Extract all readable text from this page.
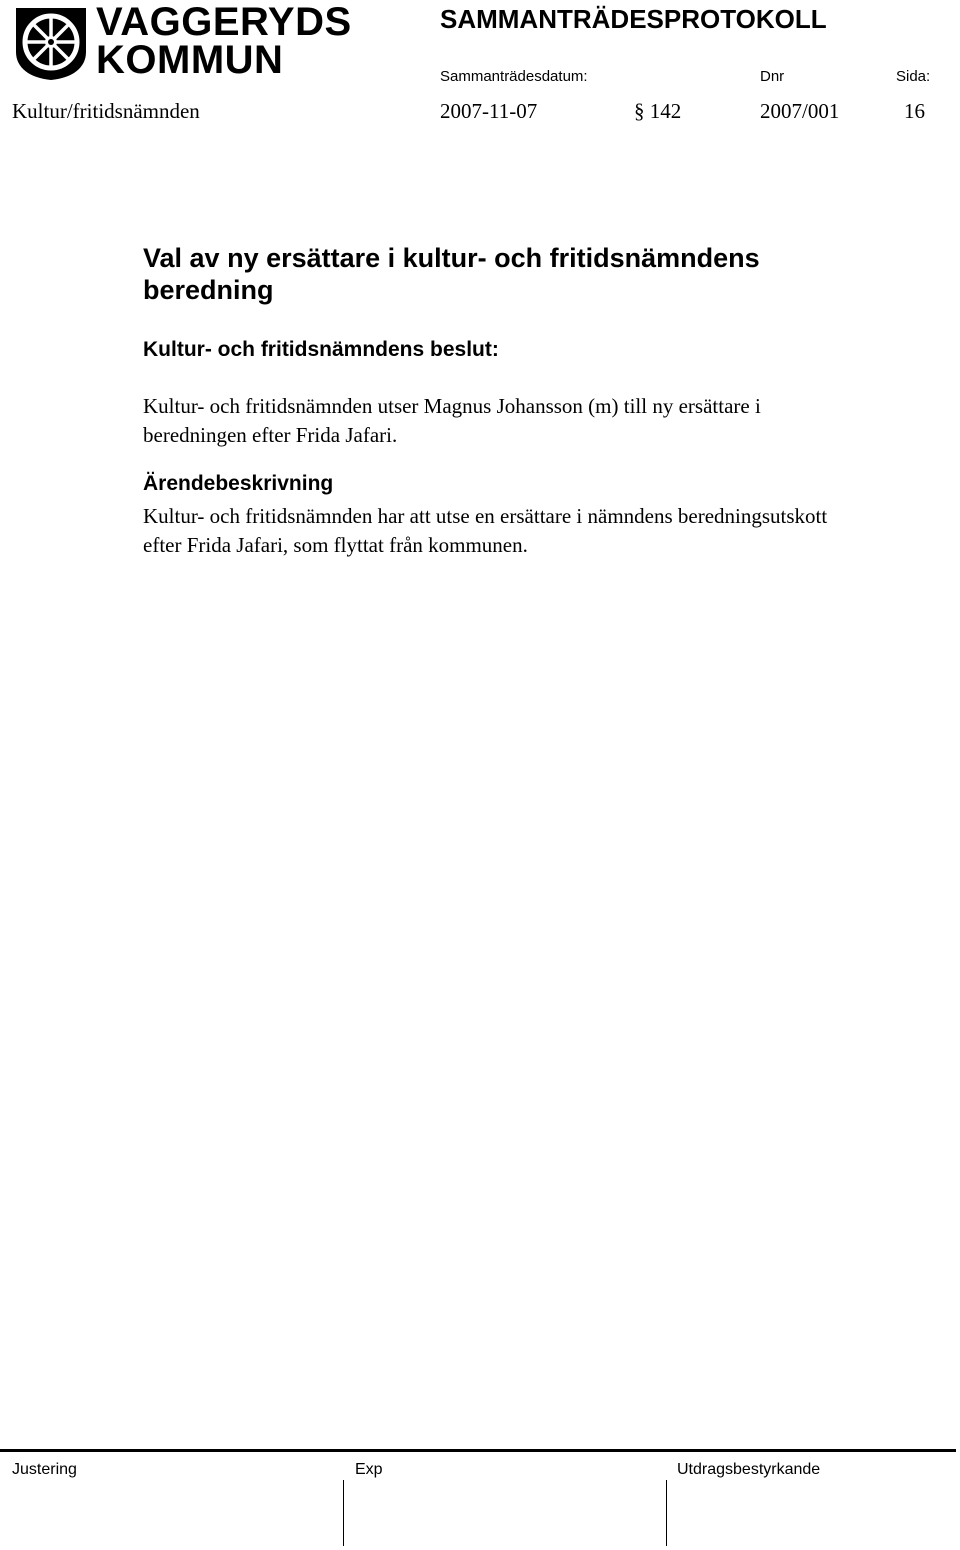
VAGGERYDS
KOMMUN
SAMMANTRÄDESPROTOKOLL
Sammanträdesdatum:	Dnr	Sida:
Kultur/fritidsnämnden	2007-11-07	§ 142	2007/001	16
Val av ny ersättare i kultur- och fritidsnämndens beredning
Kultur- och fritidsnämndens beslut:
Kultur- och fritidsnämnden utser Magnus Johansson (m) till ny ersättare i beredningen efter Frida Jafari.
Ärendebeskrivning
Kultur- och fritidsnämnden har att utse en ersättare i nämndens beredningsutskott efter Frida Jafari, som flyttat från kommunen.
Justering	Exp	Utdragsbestyrkande
